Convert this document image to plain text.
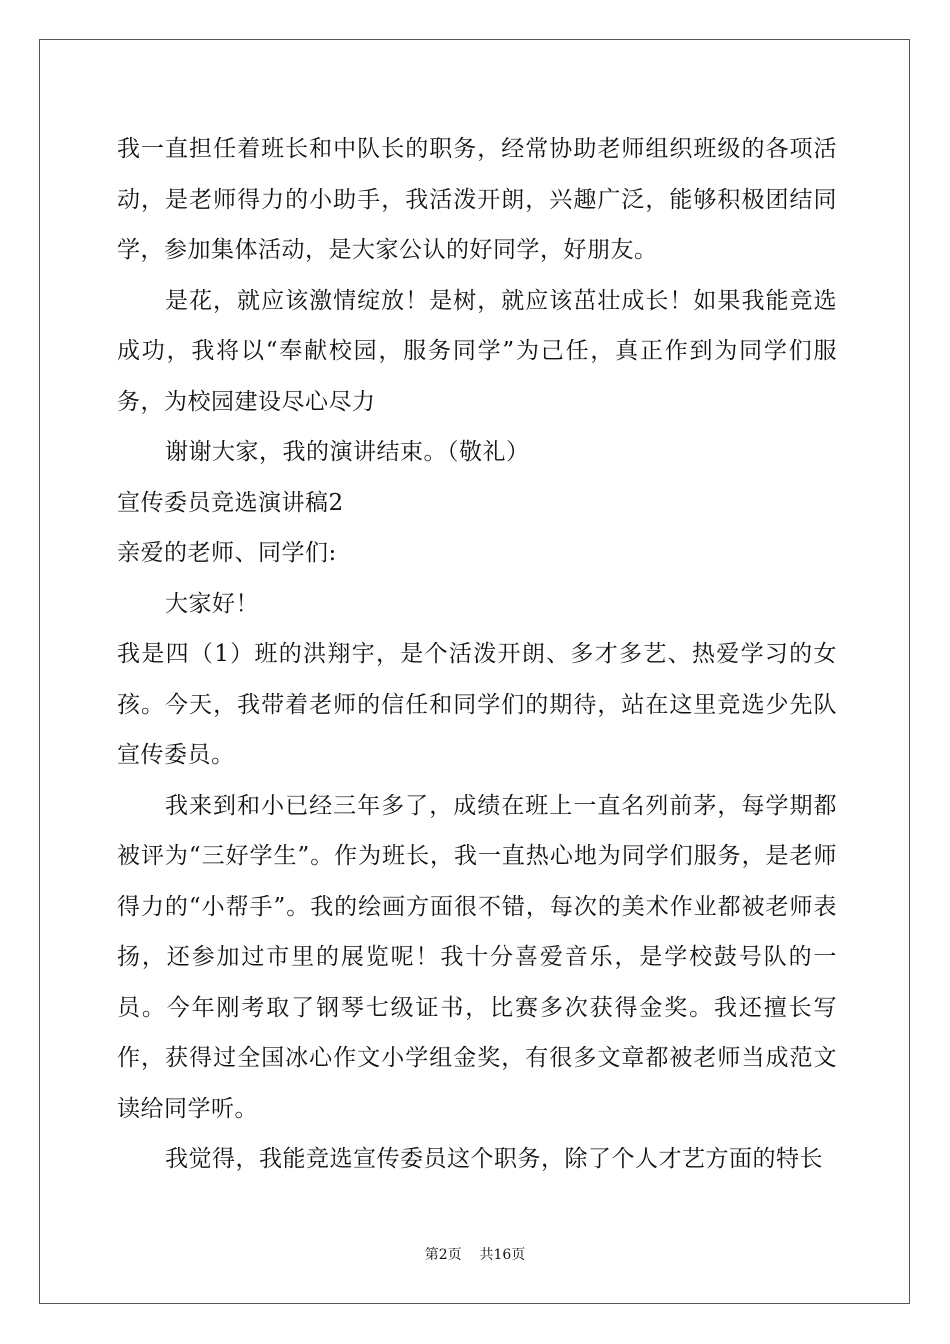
我一直担任着班长和中队长的职务，经常协助老师组织班级的各项活动，是老师得力的小助手，我活泼开朗，兴趣广泛，能够积极团结同学，参加集体活动，是大家公认的好同学，好朋友。

是花，就应该激情绽放！是树，就应该茁壮成长！如果我能竞选成功，我将以“奉献校园，服务同学”为己任，真正作到为同学们服务，为校园建设尽心尽力

谢谢大家，我的演讲结束。（敬礼）

宣传委员竞选演讲稿2

亲爱的老师、同学们:

大家好！

我是四（1）班的洪翔宇，是个活泼开朗、多才多艺、热爱学习的女孩。今天，我带着老师的信任和同学们的期待，站在这里竞选少先队宣传委员。

我来到和小已经三年多了，成绩在班上一直名列前茅，每学期都被评为“三好学生”。作为班长，我一直热心地为同学们服务，是老师得力的“小帮手”。我的绘画方面很不错，每次的美术作业都被老师表扬，还参加过市里的展览呢！我十分喜爱音乐，是学校鼓号队的一员。今年刚考取了钢琴七级证书，比赛多次获得金奖。我还擅长写作，获得过全国冰心作文小学组金奖，有很多文章都被老师当成范文读给同学听。

我觉得，我能竞选宣传委员这个职务，除了个人才艺方面的特长

第2页 共16页
